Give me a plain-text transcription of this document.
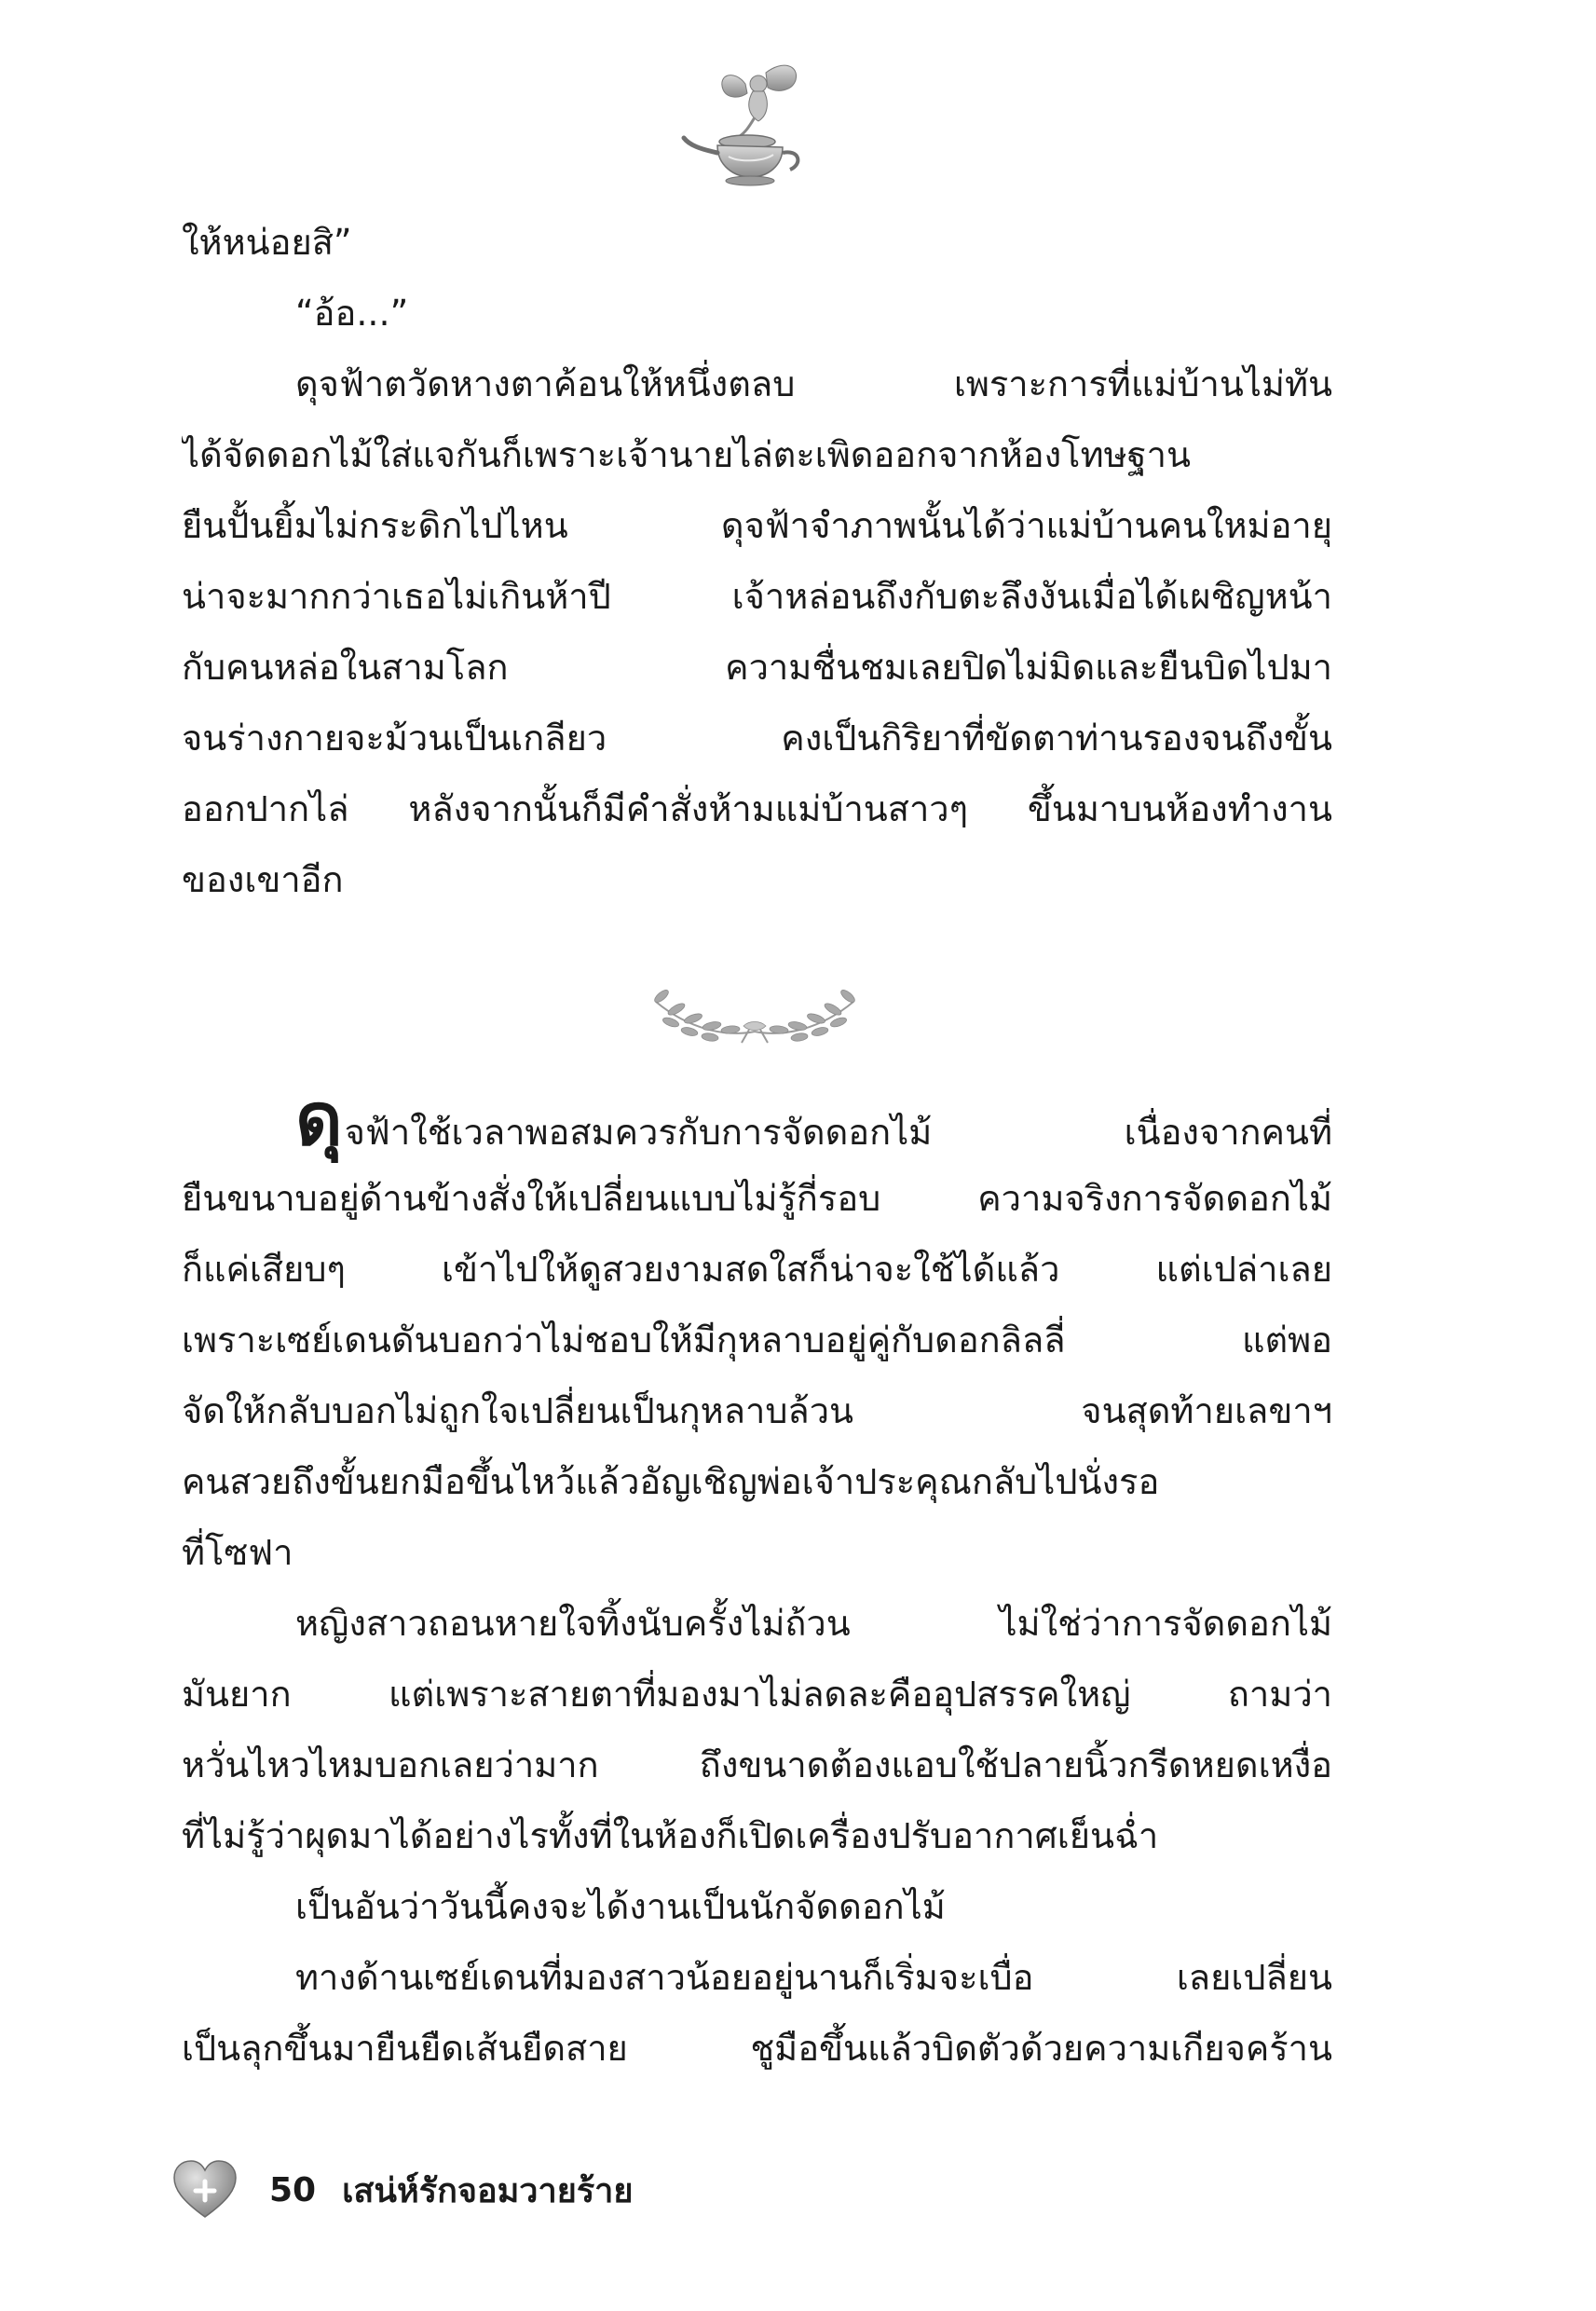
ให้หน่อยสิ”
“อ้อ...”
ดุจฟ้าตวัดหางตาค้อนให้หนึ่งตลบ เพราะการที่แม่บ้านไม่ทัน
ได้จัดดอกไม้ใส่แจกันก็เพราะเจ้านายไล่ตะเพิดออกจากห้องโทษฐาน
ยืนปั้นยิ้มไม่กระดิกไปไหน ดุจฟ้าจำภาพนั้นได้ว่าแม่บ้านคนใหม่อายุ
น่าจะมากกว่าเธอไม่เกินห้าปี เจ้าหล่อนถึงกับตะลึงงันเมื่อได้เผชิญหน้า
กับคนหล่อในสามโลก ความชื่นชมเลยปิดไม่มิดและยืนบิดไปมา
จนร่างกายจะม้วนเป็นเกลียว คงเป็นกิริยาที่ขัดตาท่านรองจนถึงขั้น
ออกปากไล่ หลังจากนั้นก็มีคำสั่งห้ามแม่บ้านสาวๆ ขึ้นมาบนห้องทำงาน
ของเขาอีก
ดุจฟ้าใช้เวลาพอสมควรกับการจัดดอกไม้ เนื่องจากคนที่
ยืนขนาบอยู่ด้านข้างสั่งให้เปลี่ยนแบบไม่รู้กี่รอบ ความจริงการจัดดอกไม้
ก็แค่เสียบๆ เข้าไปให้ดูสวยงามสดใสก็น่าจะใช้ได้แล้ว แต่เปล่าเลย
เพราะเซย์เดนดันบอกว่าไม่ชอบให้มีกุหลาบอยู่คู่กับดอกลิลลี่ แต่พอ
จัดให้กลับบอกไม่ถูกใจเปลี่ยนเป็นกุหลาบล้วน จนสุดท้ายเลขาฯ
คนสวยถึงขั้นยกมือขึ้นไหว้แล้วอัญเชิญพ่อเจ้าประคุณกลับไปนั่งรอ
ที่โซฟา
หญิงสาวถอนหายใจทิ้งนับครั้งไม่ถ้วน ไม่ใช่ว่าการจัดดอกไม้
มันยาก แต่เพราะสายตาที่มองมาไม่ลดละคืออุปสรรคใหญ่ ถามว่า
หวั่นไหวไหมบอกเลยว่ามาก ถึงขนาดต้องแอบใช้ปลายนิ้วกรีดหยดเหงื่อ
ที่ไม่รู้ว่าผุดมาได้อย่างไรทั้งที่ในห้องก็เปิดเครื่องปรับอากาศเย็นฉ่ำ
เป็นอันว่าวันนี้คงจะได้งานเป็นนักจัดดอกไม้
ทางด้านเซย์เดนที่มองสาวน้อยอยู่นานก็เริ่มจะเบื่อ เลยเปลี่ยน
เป็นลุกขึ้นมายืนยืดเส้นยืดสาย ชูมือขึ้นแล้วบิดตัวด้วยความเกียจคร้าน
50 เสน่ห์รักจอมวายร้าย
